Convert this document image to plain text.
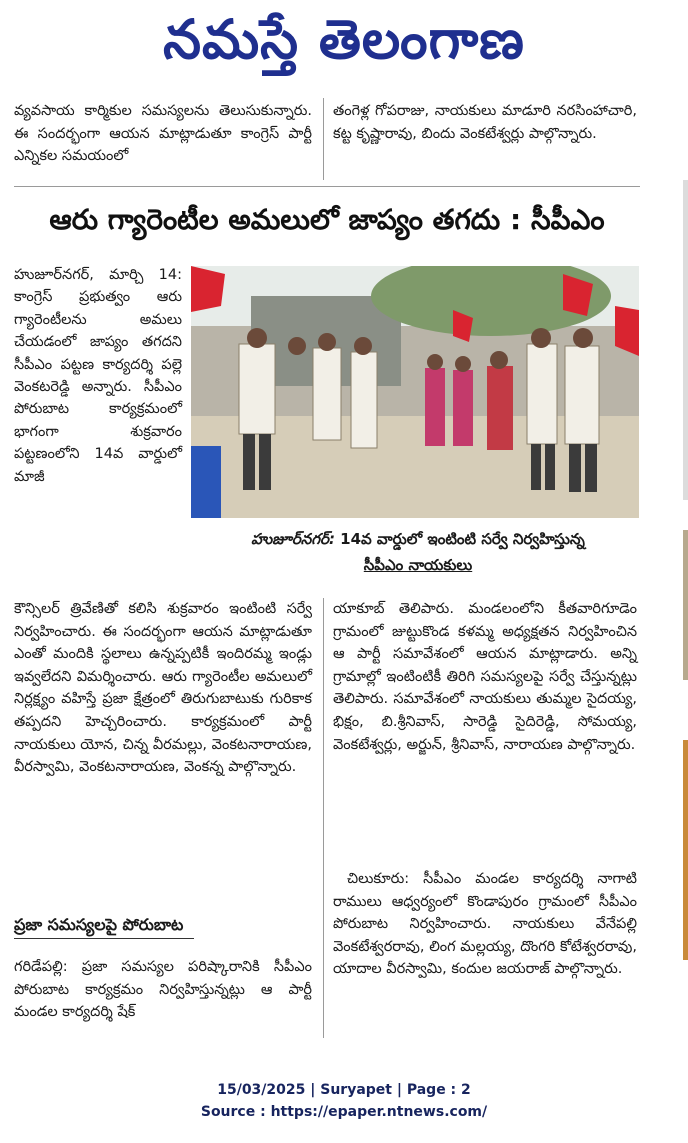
నమస్తే తెలంగాణ
వ్యవసాయ కార్మికుల సమస్యలను తెలుసుకున్నారు. ఈ సందర్భంగా ఆయన మాట్లాడుతూ కాంగ్రెస్ పార్టీ ఎన్నికల సమయంలో
తంగెళ్ల గోపరాజు, నాయకులు మాడూరి నరసింహాచారి, కట్ట కృష్ణారావు, బిందు వెంకటేశ్వర్లు పాల్గొన్నారు.
ఆరు గ్యారెంటీల అమలులో జాప్యం తగదు : సీపీఎం
హుజూర్‌నగర్, మార్చి 14: కాంగ్రెస్ ప్రభుత్వం ఆరు గ్యారెంటీలను అమలు చేయడంలో జాప్యం తగదని సీపీఎం పట్టణ కార్యదర్శి పల్లె వెంకటరెడ్డి అన్నారు. సీపీఎం పోరుబాట కార్యక్రమంలో భాగంగా శుక్రవారం పట్టణంలోని 14వ వార్డులో మాజీ
హుజూర్‌నగర్: 14వ వార్డులో ఇంటింటి సర్వే నిర్వహిస్తున్న
సీపీఎం నాయకులు
కౌన్సిలర్ త్రివేణితో కలిసి శుక్రవారం ఇంటింటి సర్వే నిర్వహించారు. ఈ సందర్భంగా ఆయన మాట్లాడుతూ ఎంతో మందికి స్థలాలు ఉన్నప్పటికీ ఇందిరమ్మ ఇండ్లు ఇవ్వలేదని విమర్శించారు. ఆరు గ్యారెంటీల అమలులో నిర్లక్ష్యం వహిస్తే ప్రజా క్షేత్రంలో తిరుగుబాటుకు గురికాక తప్పదని హెచ్చరించారు. కార్యక్రమంలో పార్టీ నాయకులు యోన, చిన్న వీరమల్లు, వెంకటనారాయణ, వీరస్వామి, వెంకటనారాయణ, వెంకన్న పాల్గొన్నారు.
ప్రజా సమస్యలపై పోరుబాట
గరిడేపల్లి: ప్రజా సమస్యల పరిష్కారానికి సీపీఎం పోరుబాట కార్యక్రమం నిర్వహిస్తున్నట్లు ఆ పార్టీ మండల కార్యదర్శి షేక్
యాకూబ్ తెలిపారు. మండలంలోని కీతవారిగూడెం గ్రామంలో జుట్టుకొండ కళమ్మ అధ్యక్షతన నిర్వహించిన ఆ పార్టీ సమావేశంలో ఆయన మాట్లాడారు. అన్ని గ్రామాల్లో ఇంటింటికీ తిరిగి సమస్యలపై సర్వే చేస్తున్నట్లు తెలిపారు. సమావేశంలో నాయకులు తుమ్మల సైదయ్య, భిక్షం, బి.శ్రీనివాస్, సారెడ్డి సైదిరెడ్డి, సోమయ్య, వెంకటేశ్వర్లు, అర్జున్, శ్రీనివాస్, నారాయణ పాల్గొన్నారు.
చిలుకూరు: సీపీఎం మండల కార్యదర్శి నాగాటి రాములు ఆధ్వర్యంలో కొండాపురం గ్రామంలో సీపీఎం పోరుబాట నిర్వహించారు. నాయకులు వేనేపల్లి వెంకటేశ్వరరావు, లింగ మల్లయ్య, దొంగరి కోటేశ్వరరావు, యాదాల వీరస్వామి, కందుల జయరాజ్ పాల్గొన్నారు.
15/03/2025 | Suryapet | Page : 2
Source : https://epaper.ntnews.com/
